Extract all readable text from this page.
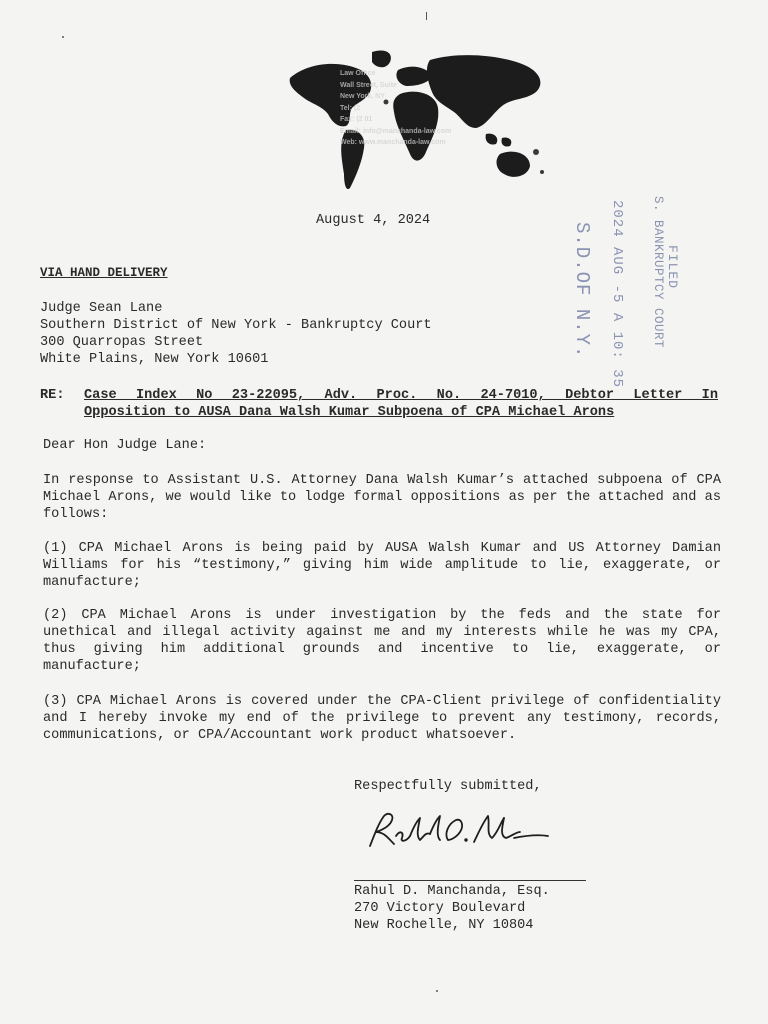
Law Office
Wall Street, Suite
New York, NY
Tel: (2
Fax: (2 01
Email: info@manchanda-law.com
Web: www.manchanda-law.com
August 4, 2024
VIA HAND DELIVERY
Judge Sean Lane
Southern District of New York - Bankruptcy Court
300 Quarropas Street
White Plains, New York 10601
RE: Case Index No 23-22095, Adv. Proc. No. 24-7010, Debtor Letter In
Opposition to AUSA Dana Walsh Kumar Subpoena of CPA Michael Arons
Dear Hon Judge Lane:
In response to Assistant U.S. Attorney Dana Walsh Kumar’s attached subpoena of CPA Michael Arons, we would like to lodge formal oppositions as per the attached and as follows:
(1) CPA Michael Arons is being paid by AUSA Walsh Kumar and US Attorney Damian Williams for his “testimony,” giving him wide amplitude to lie, exaggerate, or manufacture;
(2) CPA Michael Arons is under investigation by the feds and the state for unethical and illegal activity against me and my interests while he was my CPA, thus giving him additional grounds and incentive to lie, exaggerate, or manufacture;
(3) CPA Michael Arons is covered under the CPA-Client privilege of confidentiality and I hereby invoke my end of the privilege to prevent any testimony, records, communications, or CPA/Accountant work product whatsoever.
Respectfully submitted,
Rahul D. Manchanda, Esq.
270 Victory Boulevard
New Rochelle, NY 10804
FILED
S. BANKRUPTCY COURT
2024 AUG -5 A 10: 35
S.D.OF N.Y.
